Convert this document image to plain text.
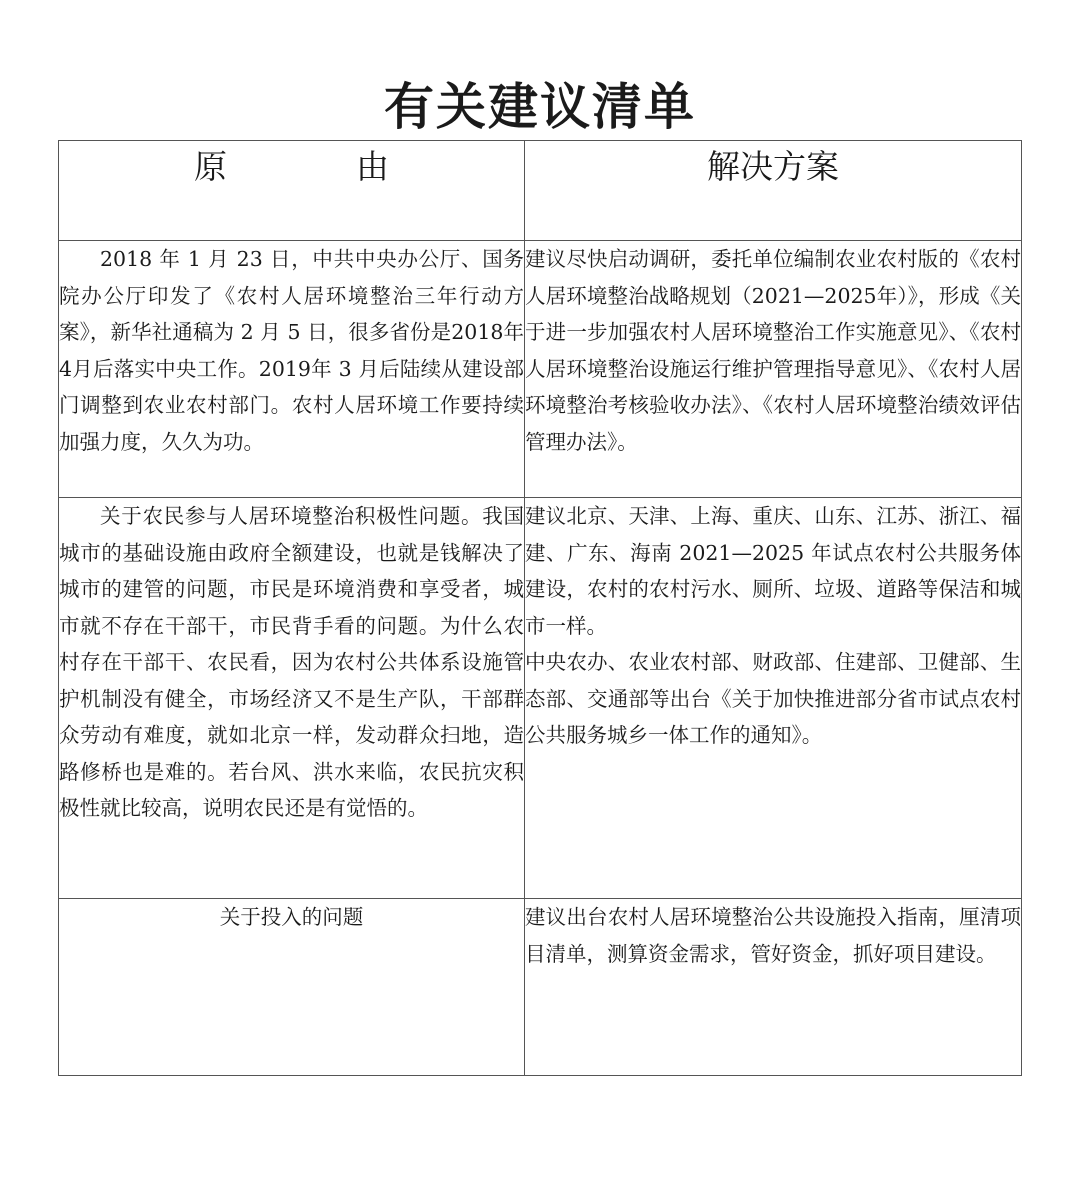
有关建议清单
原　由	解决方案
2018 年 1 月 23 日，中共中央办公厅、国务院办公厅印发了《农村人居环境整治三年行动方案》，新华社通稿为 2 月 5 日，很多省份是2018年4月后落实中央工作。2019年 3 月后陆续从建设部门调整到农业农村部门。农村人居环境工作要持续加强力度，久久为功。	建议尽快启动调研，委托单位编制农业农村版的《农村人居环境整治战略规划（2021—2025年）》，形成《关于进一步加强农村人居环境整治工作实施意见》、《农村人居环境整治设施运行维护管理指导意见》、《农村人居环境整治考核验收办法》、《农村人居环境整治绩效评估管理办法》。

关于农民参与人居环境整治积极性问题。我国城市的基础设施由政府全额建设，也就是钱解决了城市的建管的问题，市民是环境消费和享受者，城市就不存在干部干，市民背手看的问题。为什么农村存在干部干、农民看，因为农村公共体系设施管护机制没有健全，市场经济又不是生产队，干部群众劳动有难度，就如北京一样，发动群众扫地，造路修桥也是难的。若台风、洪水来临，农民抗灾积极性就比较高，说明农民还是有觉悟的。	建议北京、天津、上海、重庆、山东、江苏、浙江、福建、广东、海南 2021—2025 年试点农村公共服务体建设，农村的农村污水、厕所、垃圾、道路等保洁和城市一样。

中央农办、农业农村部、财政部、住建部、卫健部、生态部、交通部等出台《关于加快推进部分省市试点农村公共服务城乡一体工作的通知》。

关于投入的问题	建议出台农村人居环境整治公共设施投入指南，厘清项目清单，测算资金需求，管好资金，抓好项目建设。
